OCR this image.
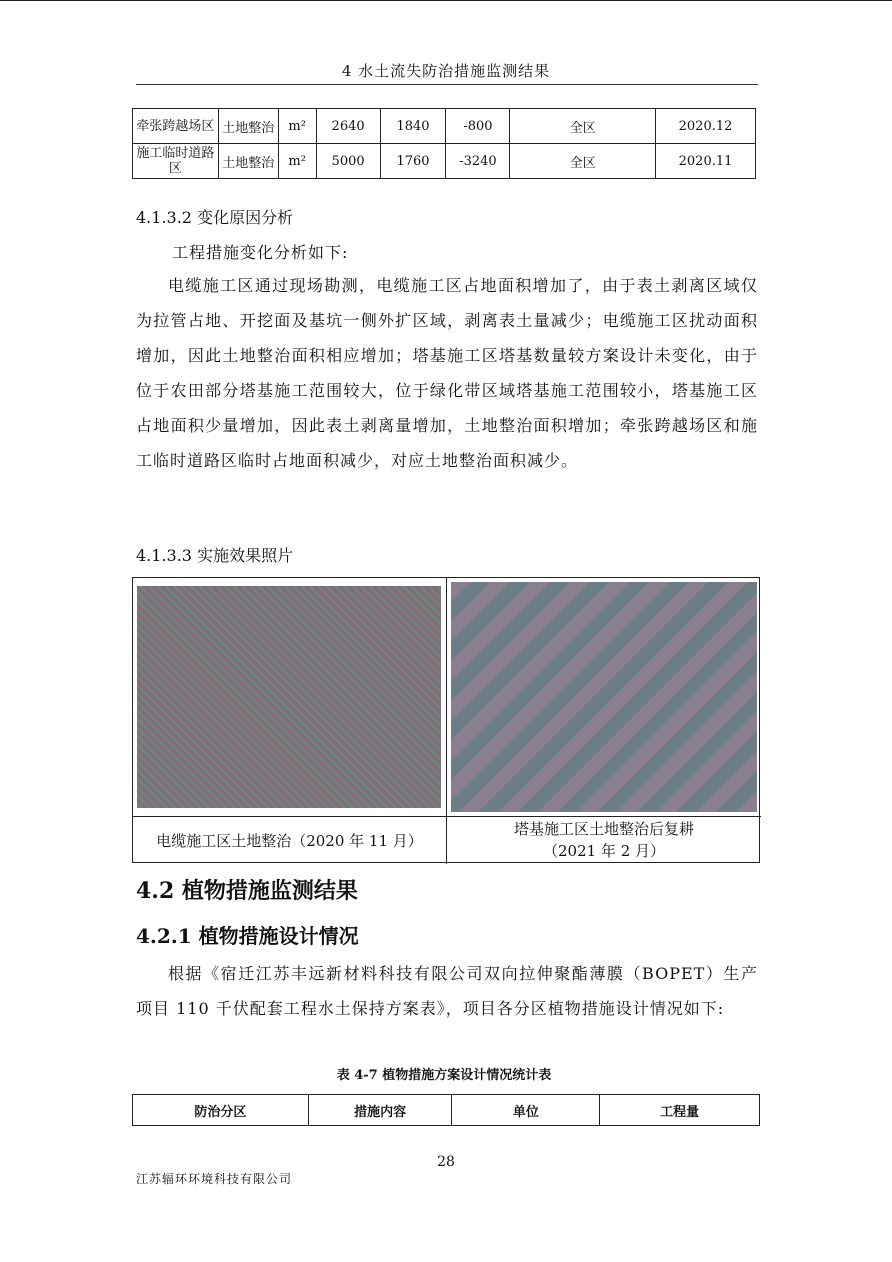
4 水土流失防治措施监测结果
牵张跨越场区	土地整治	m²	2640	1840	-800	全区	2020.12
施工临时道路区	土地整治	m²	5000	1760	-3240	全区	2020.11
4.1.3.2 变化原因分析
工程措施变化分析如下:
电缆施工区通过现场勘测，电缆施工区占地面积增加了，由于表土剥离区域仅为拉管占地、开挖面及基坑一侧外扩区域，剥离表土量减少；电缆施工区扰动面积增加，因此土地整治面积相应增加；塔基施工区塔基数量较方案设计未变化，由于位于农田部分塔基施工范围较大，位于绿化带区域塔基施工范围较小，塔基施工区占地面积少量增加，因此表土剥离量增加，土地整治面积增加；牵张跨越场区和施工临时道路区临时占地面积减少，对应土地整治面积减少。
4.1.3.3 实施效果照片
电缆施工区土地整治（2020 年 11 月）
塔基施工区土地整治后复耕
（2021 年 2 月）
4.2 植物措施监测结果
4.2.1 植物措施设计情况
根据《宿迁江苏丰远新材料科技有限公司双向拉伸聚酯薄膜（BOPET）生产项目 110 千伏配套工程水土保持方案表》，项目各分区植物措施设计情况如下:
表 4-7 植物措施方案设计情况统计表
防治分区	措施内容	单位	工程量
28
江苏辐环环境科技有限公司
